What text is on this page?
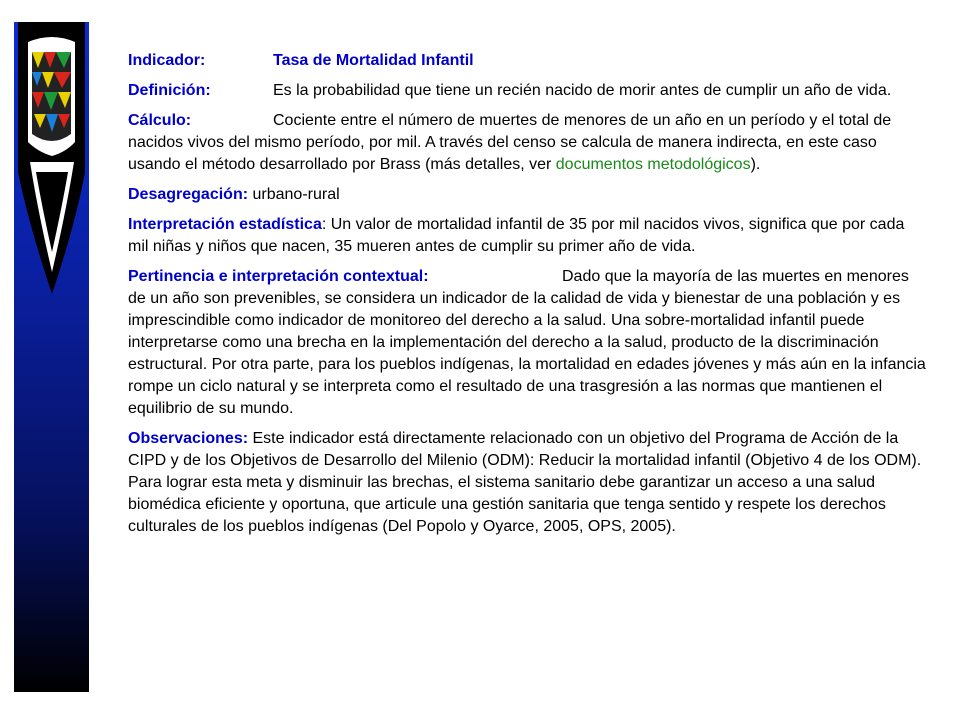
Indicador:	Tasa de Mortalidad Infantil
Definición:	Es la probabilidad que tiene un recién nacido de morir antes de cumplir un año de vida.
Cálculo:	Cociente entre el número de muertes de menores de un año en un período y el total de nacidos vivos del mismo período, por mil. A través del censo se calcula de manera indirecta, en este caso usando el método desarrollado por Brass (más detalles, ver documentos metodológicos).
Desagregación: urbano-rural
Interpretación estadística: Un valor de mortalidad infantil de 35 por mil nacidos vivos, significa que por cada mil niñas y niños que nacen, 35 mueren antes de cumplir su primer año de vida.
Pertinencia e interpretación contextual:	Dado que la mayoría de las muertes en menores de un año son prevenibles, se considera un indicador de la calidad de vida y bienestar de una población y es imprescindible como indicador de monitoreo del derecho a la salud. Una sobre-mortalidad infantil puede interpretarse como una brecha en la implementación del derecho a la salud, producto de la discriminación estructural. Por otra parte, para los pueblos indígenas, la mortalidad en edades jóvenes y más aún en la infancia rompe un ciclo natural y se interpreta como el resultado de una trasgresión a las normas que mantienen el equilibrio de su mundo.
Observaciones: Este indicador está directamente relacionado con un objetivo del Programa de Acción de la CIPD y de los Objetivos de Desarrollo del Milenio (ODM): Reducir la mortalidad infantil (Objetivo 4 de los ODM). Para lograr esta meta y disminuir las brechas, el sistema sanitario debe garantizar un acceso a una salud biomédica eficiente y oportuna, que articule una gestión sanitaria que tenga sentido y respete los derechos culturales de los pueblos indígenas (Del Popolo y Oyarce, 2005, OPS, 2005).
